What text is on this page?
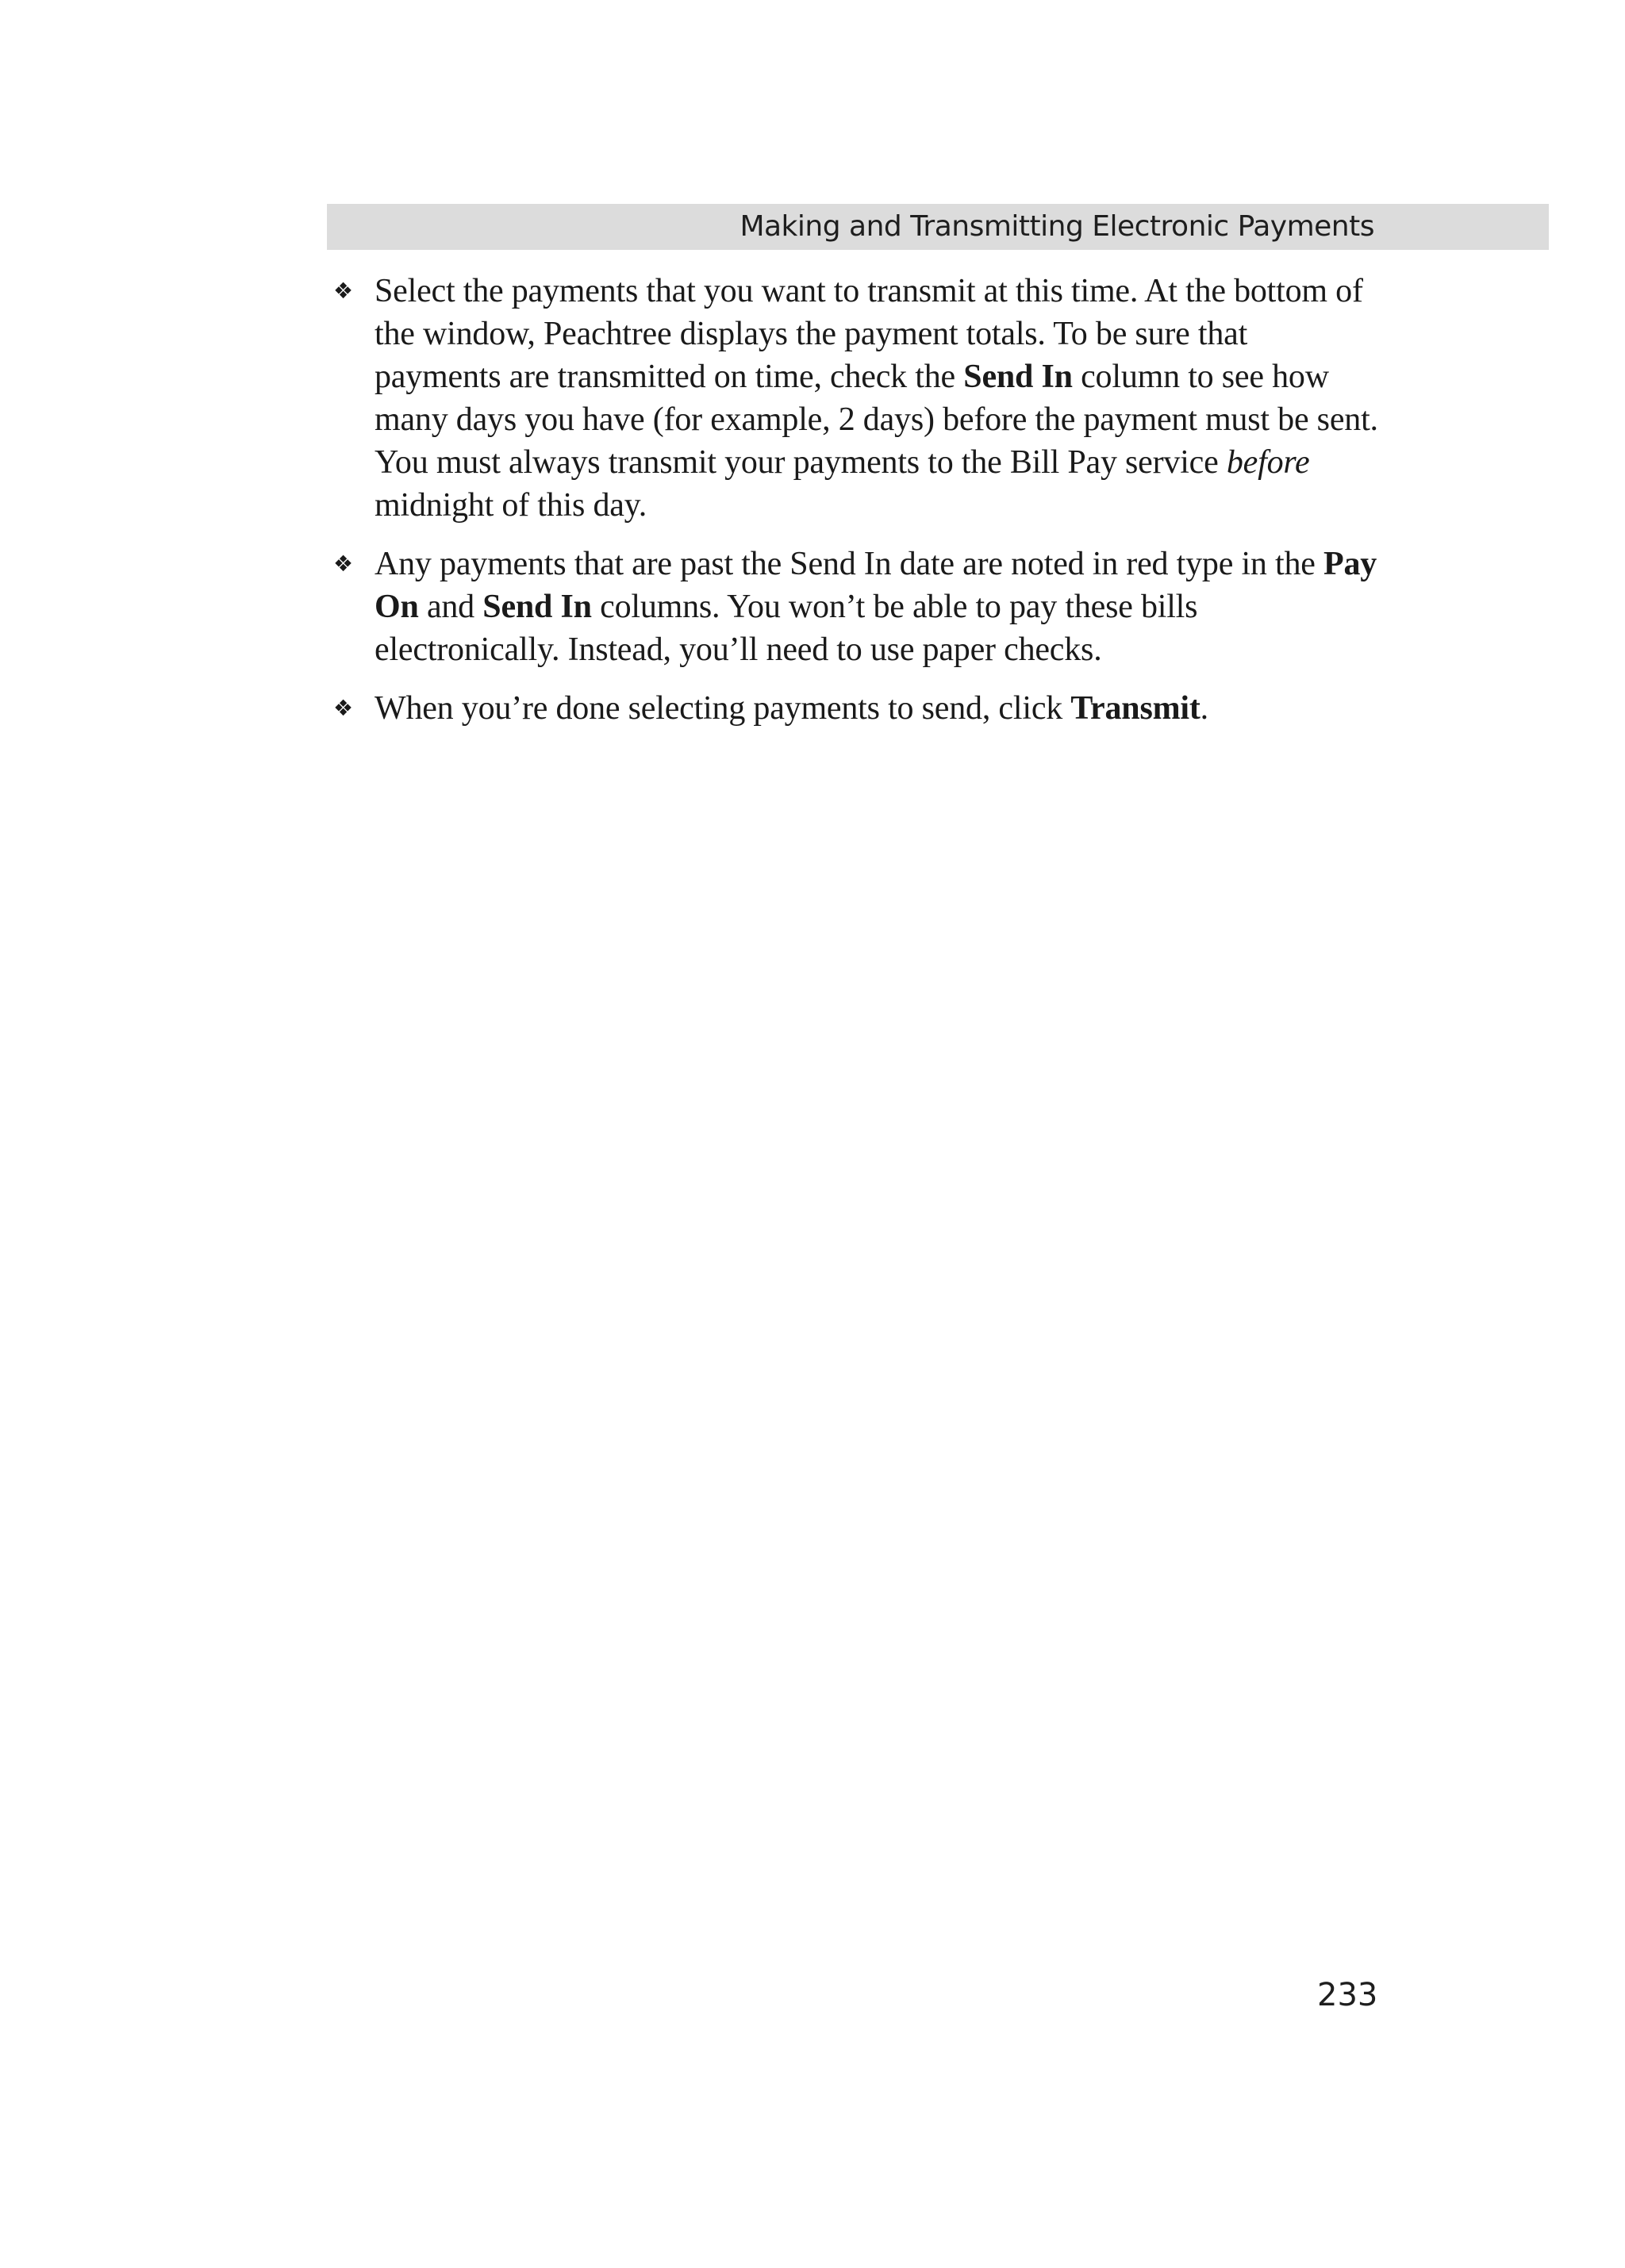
Making and Transmitting Electronic Payments
❖ Select the payments that you want to transmit at this time. At the bottom of the window, Peachtree displays the payment totals. To be sure that payments are transmitted on time, check the Send In column to see how many days you have (for example, 2 days) before the payment must be sent. You must always transmit your payments to the Bill Pay service before midnight of this day.
❖ Any payments that are past the Send In date are noted in red type in the Pay On and Send In columns. You won’t be able to pay these bills electronically. Instead, you’ll need to use paper checks.
❖ When you’re done selecting payments to send, click Transmit.
233
